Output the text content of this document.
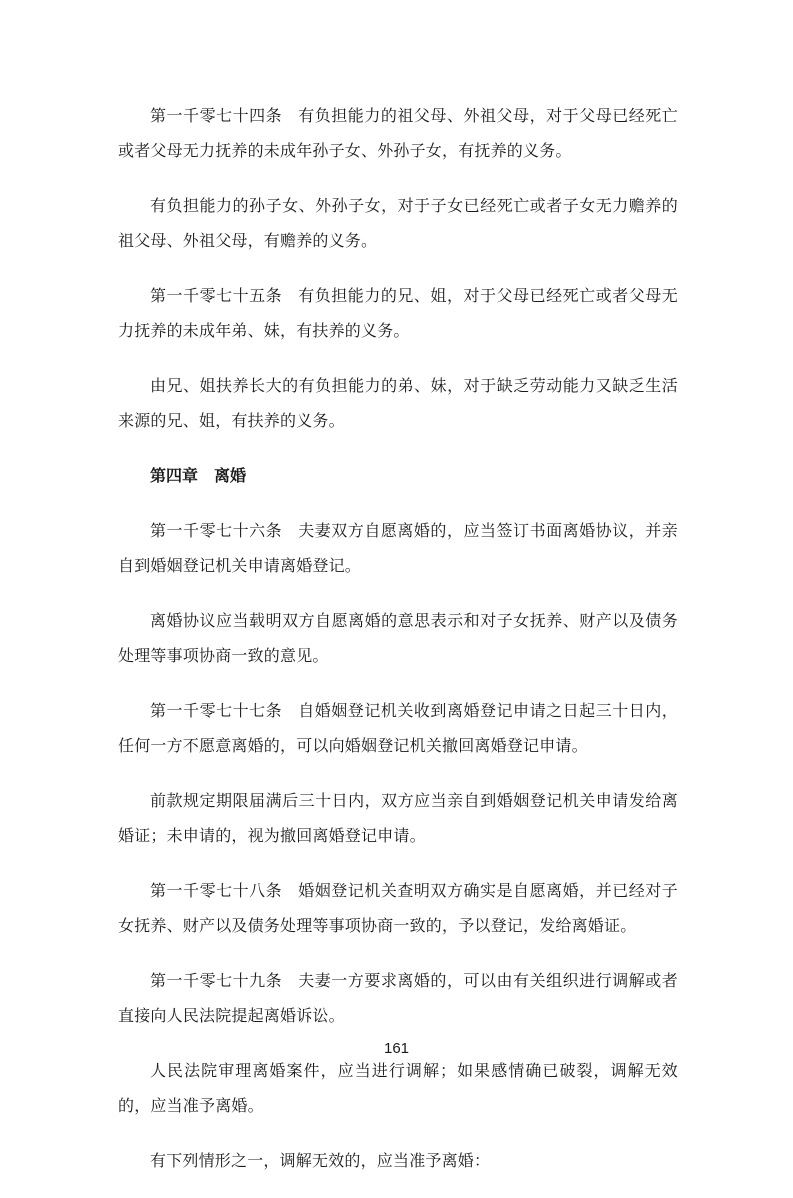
第一千零七十四条 有负担能力的祖父母、外祖父母，对于父母已经死亡或者父母无力抚养的未成年孙子女、外孙子女，有抚养的义务。

有负担能力的孙子女、外孙子女，对于子女已经死亡或者子女无力赡养的祖父母、外祖父母，有赡养的义务。

第一千零七十五条 有负担能力的兄、姐，对于父母已经死亡或者父母无力抚养的未成年弟、妹，有扶养的义务。

由兄、姐扶养长大的有负担能力的弟、妹，对于缺乏劳动能力又缺乏生活来源的兄、姐，有扶养的义务。

第四章 离婚

第一千零七十六条 夫妻双方自愿离婚的，应当签订书面离婚协议，并亲自到婚姻登记机关申请离婚登记。

离婚协议应当载明双方自愿离婚的意思表示和对子女抚养、财产以及债务处理等事项协商一致的意见。

第一千零七十七条 自婚姻登记机关收到离婚登记申请之日起三十日内，任何一方不愿意离婚的，可以向婚姻登记机关撤回离婚登记申请。

前款规定期限届满后三十日内，双方应当亲自到婚姻登记机关申请发给离婚证；未申请的，视为撤回离婚登记申请。

第一千零七十八条 婚姻登记机关查明双方确实是自愿离婚，并已经对子女抚养、财产以及债务处理等事项协商一致的，予以登记，发给离婚证。

第一千零七十九条 夫妻一方要求离婚的，可以由有关组织进行调解或者直接向人民法院提起离婚诉讼。

人民法院审理离婚案件，应当进行调解；如果感情确已破裂，调解无效的，应当准予离婚。

有下列情形之一，调解无效的，应当准予离婚：

161
